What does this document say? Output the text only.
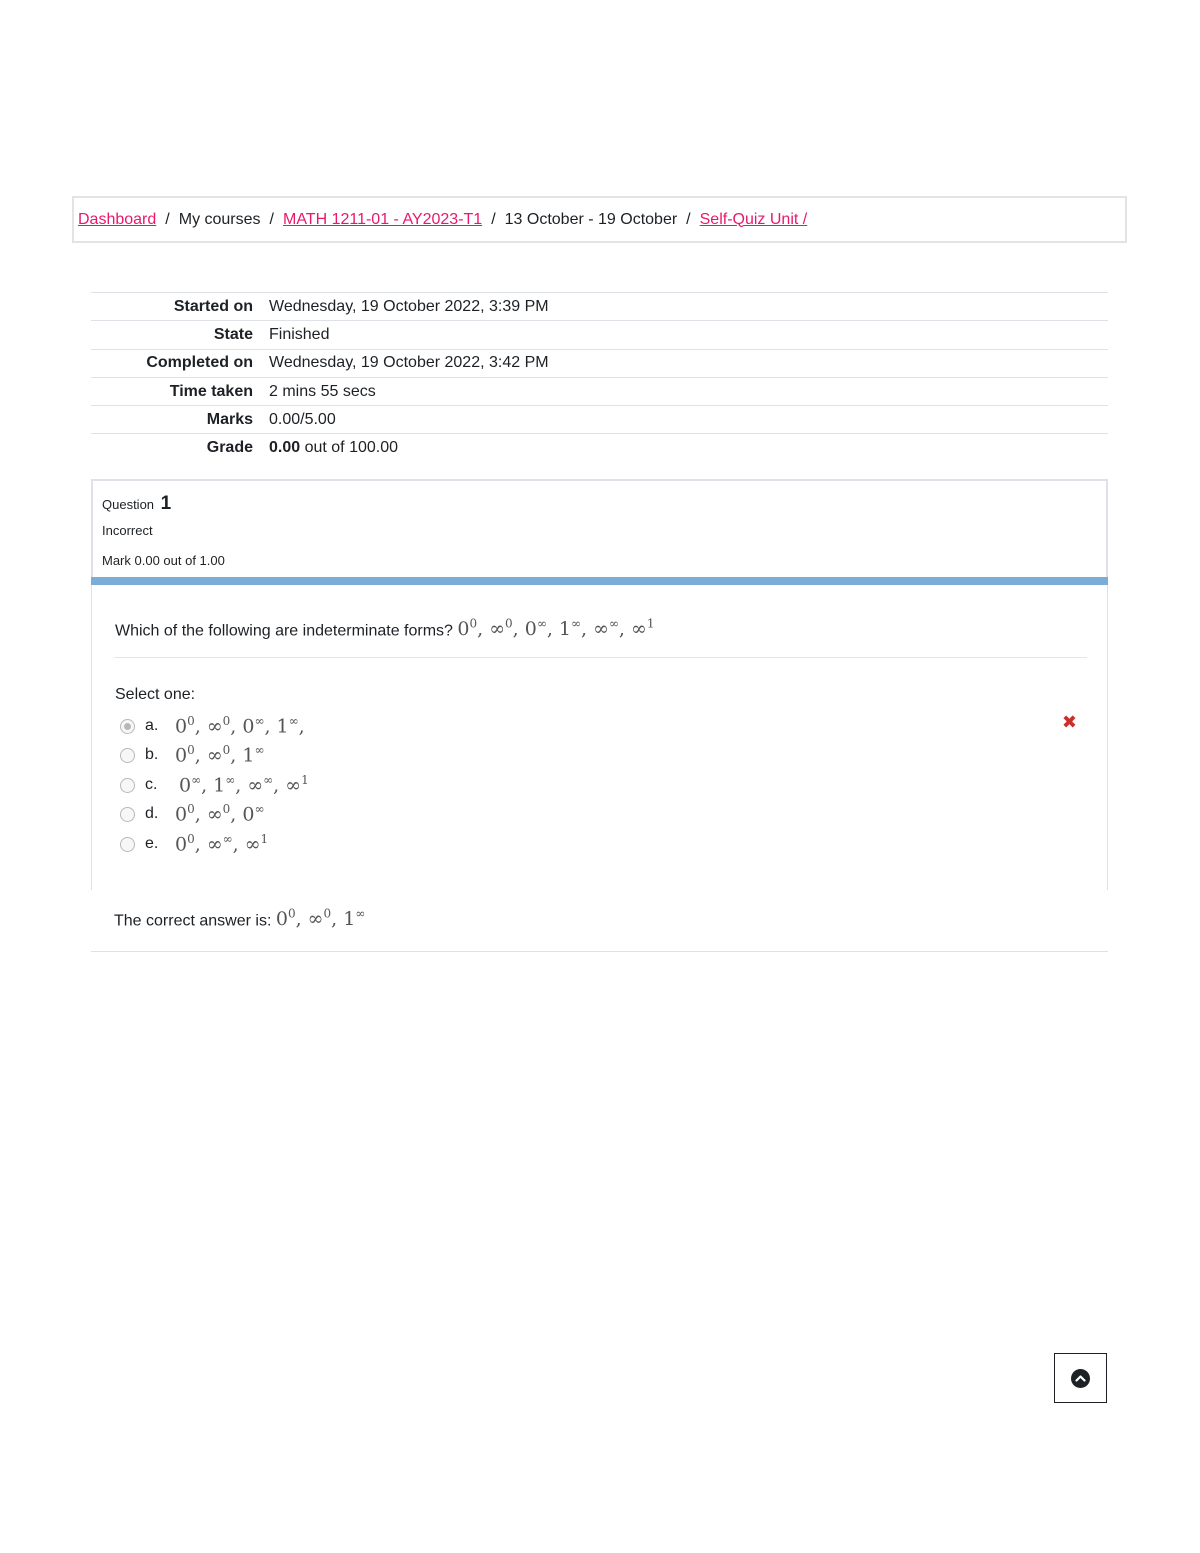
Dashboard / My courses / MATH 1211-01 - AY2023-T1 / 13 October - 19 October / Self-Quiz Unit /
Started on	Wednesday, 19 October 2022, 3:39 PM
State	Finished
Completed on	Wednesday, 19 October 2022, 3:42 PM
Time taken	2 mins 55 secs
Marks	0.00/5.00
Grade	0.00 out of 100.00
Question 1
Incorrect
Mark 0.00 out of 1.00
Which of the following are indeterminate forms? $0^0$, ∞$^0$, 0∞, 1∞, ∞∞, ∞$^1$
Select one:
a. $0^0$, ∞$^0$, 0∞, 1∞,
b. $0^0$, ∞$^0$, 1∞
c.	0∞, 1∞, ∞∞, ∞$^1$
d. $0^0$, ∞$^0$, 0∞
e. $0^0$, ∞∞, ∞$^1$
✖
The correct answer is: $0^0$, ∞$^0$, 1∞
